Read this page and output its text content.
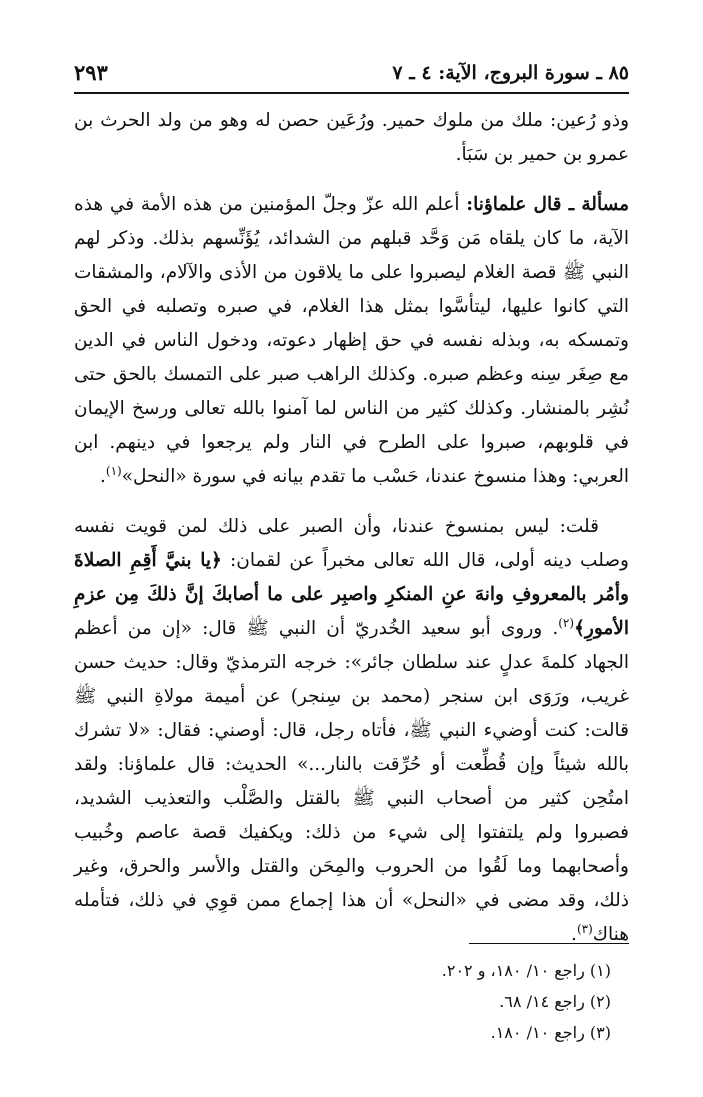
٨٥ ـ سورة البروج، الآية: ٤ ـ ٧
٢٩٣

وذو رُعين: ملك من ملوك حمير. ورُعَين حصن له وهو من ولد الحرث بن عمرو بن حمير بن سَبَأ.

مسألة ـ قال علماؤنا: أعلم الله عزّ وجلّ المؤمنين من هذه الأمة في هذه الآية، ما كان يلقاه مَن وَحَّد قبلهم من الشدائد، يُؤَنِّسهم بذلك. وذكر لهم النبي ﷺ قصة الغلام ليصبروا على ما يلاقون من الأذى والآلام، والمشقات التي كانوا عليها، ليتأسَّوا بمثل هذا الغلام، في صبره وتصلبه في الحق وتمسكه به، وبذله نفسه في حق إظهار دعوته، ودخول الناس في الدين مع صِغَر سِنه وعظم صبره. وكذلك الراهب صبر على التمسك بالحق حتى نُشِر بالمنشار. وكذلك كثير من الناس لما آمنوا بالله تعالى ورسخ الإيمان في قلوبهم، صبروا على الطرح في النار ولم يرجعوا في دينهم. ابن العربي: وهذا منسوخ عندنا، حَسْب ما تقدم بيانه في سورة «النحل»$^{(١)}$.

قلت: ليس بمنسوخ عندنا، وأن الصبر على ذلك لمن قويت نفسه وصلب دينه أولى، قال الله تعالى مخبراً عن لقمان: ﴿يا بنيَّ أَقِمِ الصلاةَ وأمُر بالمعروفِ وانهَ عنِ المنكرِ واصبِر على ما أصابكَ إنَّ ذلكَ مِن عزمِ الأمورِ﴾$^{(٢)}$. وروى أبو سعيد الخُدريّ أن النبي ﷺ قال: «إن من أعظم الجهاد كلمةَ عدلٍ عند سلطان جائر»: خرجه الترمذيّ وقال: حديث حسن غريب، ورَوَى ابن سنجر (محمد بن سِنجر) عن أميمة مولاةِ النبي ﷺ قالت: كنت أوضيء النبي ﷺ، فأتاه رجل، قال: أوصني: فقال: «لا تشرك بالله شيئاً وإن قُطِّعت أو حُرِّقت بالنار...» الحديث: قال علماؤنا: ولقد امتُحِن كثير من أصحاب النبي ﷺ بالقتل والصَّلْب والتعذيب الشديد، فصبروا ولم يلتفتوا إلى شيء من ذلك: ويكفيك قصة عاصم وخُبيب وأصحابهما وما لَقُوا من الحروب والمِحَن والقتل والأسر والحرق، وغير ذلك، وقد مضى في «النحل» أن هذا إجماع ممن قوِي في ذلك، فتأمله هناك$^{(٣)}$.

(١) راجع ١٠/ ١٨٠، و ٢٠٢.
(٢) راجع ١٤/ ٦٨.
(٣) راجع ١٠/ ١٨٠.
